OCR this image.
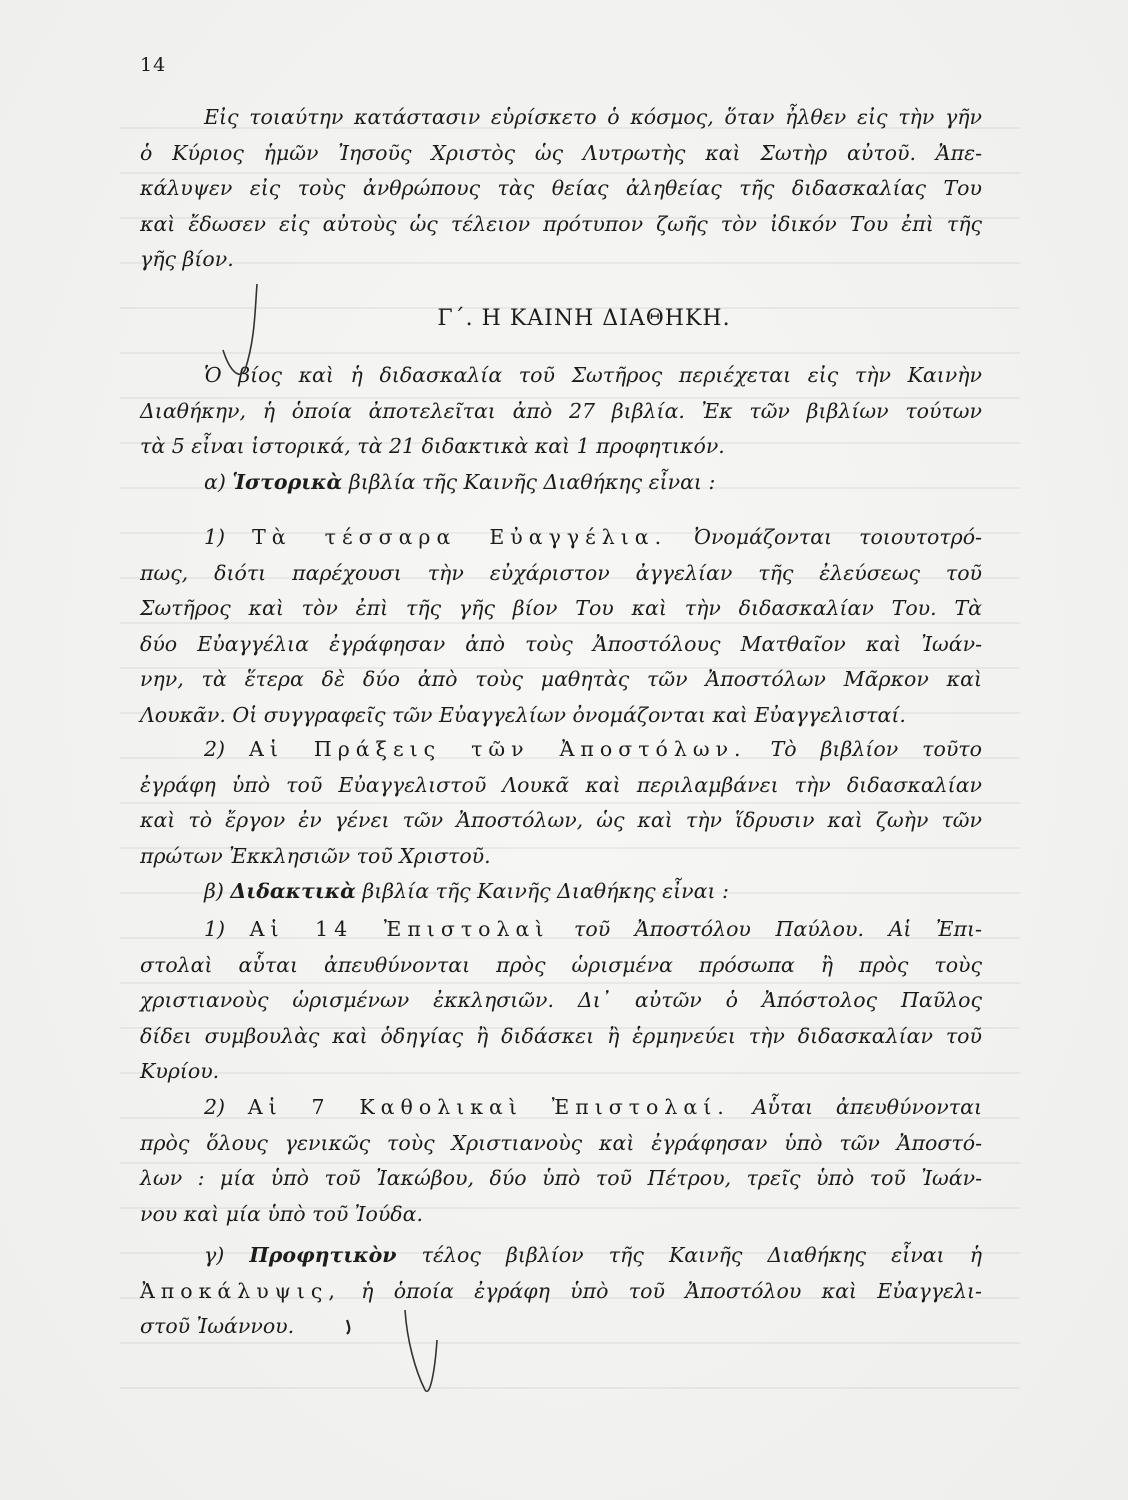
14
Εἰς τοιαύτην κατάστασιν εὑρίσκετο ὁ κόσμος, ὅταν ἦλθεν εἰς τὴν γῆν
ὁ Κύριος ἡμῶν Ἰησοῦς Χριστὸς ὡς Λυτρωτὴς καὶ Σωτὴρ αὐτοῦ. Ἀπε-
κάλυψεν εἰς τοὺς ἀνθρώπους τὰς θείας ἀληθείας τῆς διδασκαλίας Του
καὶ ἔδωσεν εἰς αὐτοὺς ὡς τέλειον πρότυπον ζωῆς τὸν ἰδικόν Του ἐπὶ τῆς
γῆς βίον.
Γ΄. Η ΚΑΙΝΗ ΔΙΑΘΗΚΗ.
Ὁ βίος καὶ ἡ διδασκαλία τοῦ Σωτῆρος περιέχεται εἰς τὴν Καινὴν
Διαθήκην, ἡ ὁποία ἀποτελεῖται ἀπὸ 27 βιβλία. Ἐκ τῶν βιβλίων τούτων
τὰ 5 εἶναι ἱστορικά, τὰ 21 διδακτικὰ καὶ 1 προφητικόν.
α) Ἱστορικὰ βιβλία τῆς Καινῆς Διαθήκης εἶναι :
1) Τὰ τέσσαρα Εὐαγγέλια. Ὀνομάζονται τοιουτοτρό-
πως, διότι παρέχουσι τὴν εὐχάριστον ἀγγελίαν τῆς ἐλεύσεως τοῦ
Σωτῆρος καὶ τὸν ἐπὶ τῆς γῆς βίον Του καὶ τὴν διδασκαλίαν Του. Τὰ
δύο Εὐαγγέλια ἐγράφησαν ἀπὸ τοὺς Ἀποστόλους Ματθαῖον καὶ Ἰωάν-
νην, τὰ ἕτερα δὲ δύο ἀπὸ τοὺς μαθητὰς τῶν Ἀποστόλων Μᾶρκον καὶ
Λουκᾶν. Οἱ συγγραφεῖς τῶν Εὐαγγελίων ὀνομάζονται καὶ Εὐαγγελισταί.
2) Αἱ Πράξεις τῶν Ἀποστόλων. Τὸ βιβλίον τοῦτο
ἐγράφη ὑπὸ τοῦ Εὐαγγελιστοῦ Λουκᾶ καὶ περιλαμβάνει τὴν διδασκαλίαν
καὶ τὸ ἔργον ἐν γένει τῶν Ἀποστόλων, ὡς καὶ τὴν ἵδρυσιν καὶ ζωὴν τῶν
πρώτων Ἐκκλησιῶν τοῦ Χριστοῦ.
β) Διδακτικὰ βιβλία τῆς Καινῆς Διαθήκης εἶναι :
1) Αἱ 14 Ἐπιστολαὶ τοῦ Ἀποστόλου Παύλου. Αἱ Ἐπι-
στολαὶ αὗται ἀπευθύνονται πρὸς ὡρισμένα πρόσωπα ἢ πρὸς τοὺς
χριστιανοὺς ὡρισμένων ἐκκλησιῶν. Δι᾿ αὐτῶν ὁ Ἀπόστολος Παῦλος
δίδει συμβουλὰς καὶ ὁδηγίας ἢ διδάσκει ἢ ἑρμηνεύει τὴν διδασκαλίαν τοῦ
Κυρίου.
2) Αἱ 7 Καθολικαὶ Ἐπιστολαί. Αὗται ἀπευθύνονται
πρὸς ὅλους γενικῶς τοὺς Χριστιανοὺς καὶ ἐγράφησαν ὑπὸ τῶν Ἀποστό-
λων : μία ὑπὸ τοῦ Ἰακώβου, δύο ὑπὸ τοῦ Πέτρου, τρεῖς ὑπὸ τοῦ Ἰωάν-
νου καὶ μία ὑπὸ τοῦ Ἰούδα.
γ) Προφητικὸν τέλος βιβλίον τῆς Καινῆς Διαθήκης εἶναι ἡ
Ἀποκάλυψις, ἡ ὁποία ἐγράφη ὑπὸ τοῦ Ἀποστόλου καὶ Εὐαγγελι-
στοῦ Ἰωάννου.
